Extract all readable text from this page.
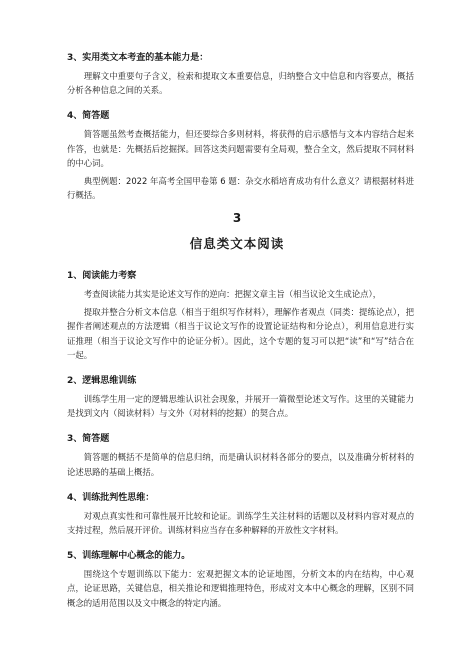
3、实用类文本考查的基本能力是：

理解文中重要句子含义，检索和提取文本重要信息，归纳整合文中信息和内容要点，概括分析各种信息之间的关系。

4、简答题

简答题虽然考查概括能力，但还要综合多则材料，将获得的启示感悟与文本内容结合起来作答，也就是：先概括后挖掘探。回答这类问题需要有全局观，整合全文，然后提取不同材料的中心词。

典型例题：2022 年高考全国甲卷第 6 题：杂交水稻培育成功有什么意义？请根据材料进行概括。

3
信息类文本阅读
1、阅读能力考察

考查阅读能力其实是论述文写作的逆向：把握文章主旨（相当议论文生成论点），

提取并整合分析文本信息（相当于组织写作材料），理解作者观点（同类：提练论点），把握作者阐述观点的方法逻辑（相当于议论文写作的设置论证结构和分论点），利用信息进行实证推理（相当于议论文写作中的论证分析）。因此，这个专题的复习可以把“读”和“写”结合在一起。

2、逻辑思维训练

训练学生用一定的逻辑思维认识社会现象，并展开一篇微型论述文写作。这里的关键能力是找到文内（阅读材料）与文外（对材料的挖掘）的契合点。

3、简答题

简答题的概括不是简单的信息归纳，而是确认识材料各部分的要点，以及准确分析材料的论述思路的基础上概括。

4、训练批判性思维：

对观点真实性和可靠性展开比较和论证。训练学生关注材料的话题以及材料内容对观点的支持过程，然后展开评价。训练材料应当存在多种解释的开放性文字材料。

5、训练理解中心概念的能力。

围绕这个专题训练以下能力：宏观把握文本的论证地图，分析文本的内在结构，中心观点，论证思路，关键信息，相关推论和逻辑推理特色，形成对文本中心概念的理解，区别不同概念的适用范围以及文中概念的特定内涵。
